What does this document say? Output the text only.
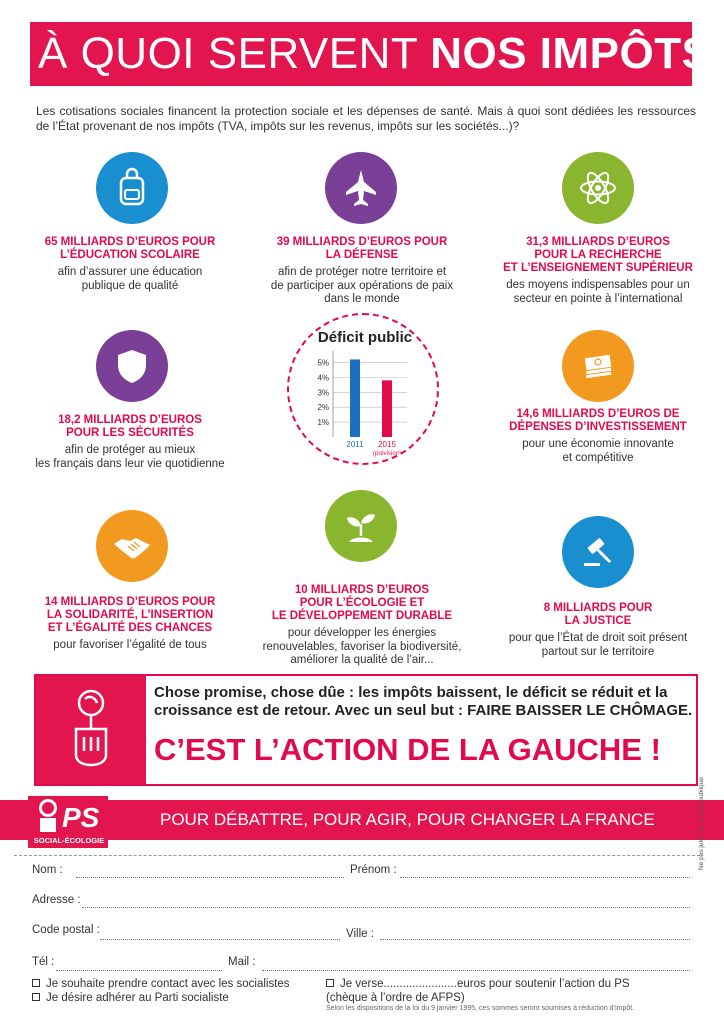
À QUOI SERVENT NOS IMPÔTS
Les cotisations sociales financent la protection sociale et les dépenses de santé. Mais à quoi sont dédiées les ressources de l’État provenant de nos impôts (TVA, impôts sur les revenus, impôts sur les sociétés...)?
65 MILLIARDS D’EUROS POUR
L’ÉDUCATION SCOLAIRE
afin d’assurer une éducation
publique de qualité
39 MILLIARDS D’EUROS POUR
LA DÉFENSE
afin de protéger notre territoire et
de participer aux opérations de paix
dans le monde
31,3 MILLIARDS D’EUROS
POUR LA RECHERCHE
ET L’ENSEIGNEMENT SUPÉRIEUR
des moyens indispensables pour un
secteur en pointe à l’international
18,2 MILLIARDS D’EUROS
POUR LES SÉCURITÉS
afin de protéger au mieux
les français dans leur vie quotidienne
Déficit public
1%
2%
3%
4%
5%
2011 2015
(prévision)
14,6 MILLIARDS D’EUROS DE
DÉPENSES D’INVESTISSEMENT
pour une économie innovante
et compétitive
14 MILLIARDS D’EUROS POUR
LA SOLIDARITÉ, L’INSERTION
ET L’ÉGALITÉ DES CHANCES
pour favoriser l’égalité de tous
10 MILLIARDS D’EUROS
POUR L’ÉCOLOGIE ET
LE DÉVELOPPEMENT DURABLE
pour développer les énergies
renouvelables, favoriser la biodiversité,
améliorer la qualité de l’air...
8 MILLIARDS POUR
LA JUSTICE
pour que l’État de droit soit présent
partout sur le territoire
Chose promise, chose dûe : les impôts baissent, le déficit se réduit et la
croissance est de retour. Avec un seul but : FAIRE BAISSER LE CHÔMAGE.
C’EST L’ACTION DE LA GAUCHE !
PS
SOCIAL-ÉCOLOGIE
POUR DÉBATTRE, POUR AGIR, POUR CHANGER LA FRANCE
Nom :	Prénom :
Adresse :
Code postal :	Ville :
Tél :	Mail :
Je souhaite prendre contact avec les socialistes
Je désire adhérer au Parti socialiste
Je verse.......................euros pour soutenir l’action du PS
(chèque à l’ordre de AFPS)
Selon les dispositions de la loi du 9 janvier 1995, ces sommes seront soumises à réduction d’impôt.
Ne pas jeter sur la voie publique
